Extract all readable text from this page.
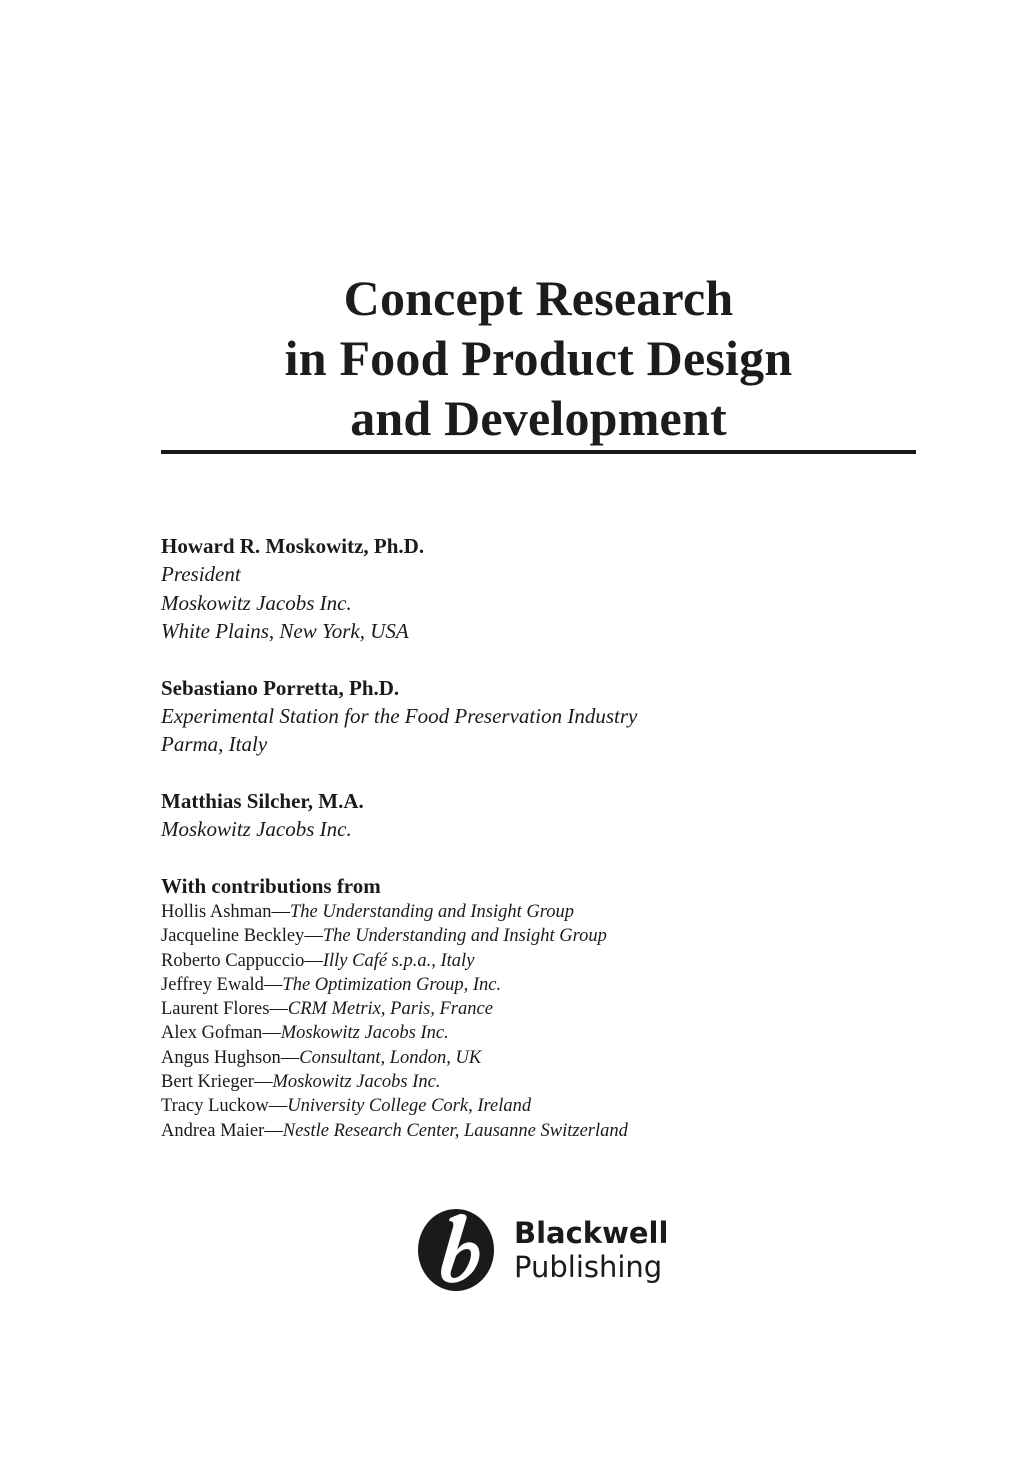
Concept Research
in Food Product Design
and Development
Howard R. Moskowitz, Ph.D.
President
Moskowitz Jacobs Inc.
White Plains, New York, USA
Sebastiano Porretta, Ph.D.
Experimental Station for the Food Preservation Industry
Parma, Italy
Matthias Silcher, M.A.
Moskowitz Jacobs Inc.
With contributions from
Hollis Ashman—The Understanding and Insight Group
Jacqueline Beckley—The Understanding and Insight Group
Roberto Cappuccio—Illy Café s.p.a., Italy
Jeffrey Ewald—The Optimization Group, Inc.
Laurent Flores—CRM Metrix, Paris, France
Alex Gofman—Moskowitz Jacobs Inc.
Angus Hughson—Consultant, London, UK
Bert Krieger—Moskowitz Jacobs Inc.
Tracy Luckow—University College Cork, Ireland
Andrea Maier—Nestle Research Center, Lausanne Switzerland
Blackwell
Publishing
